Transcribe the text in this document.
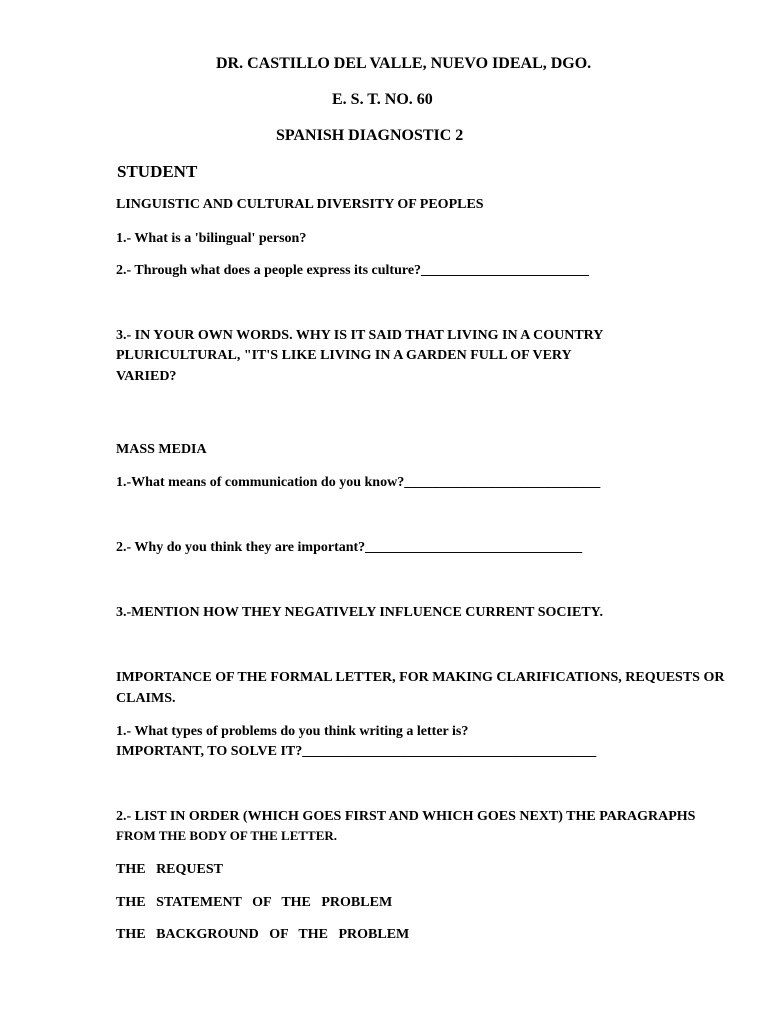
DR. CASTILLO DEL VALLE, NUEVO IDEAL, DGO.
E. S. T. NO. 60
SPANISH DIAGNOSTIC 2
STUDENT
LINGUISTIC AND CULTURAL DIVERSITY OF PEOPLES
1.- What is a 'bilingual' person?
2.- Through what does a people express its culture?________________________
3.- IN YOUR OWN WORDS. WHY IS IT SAID THAT LIVING IN A COUNTRY
PLURICULTURAL, "IT'S LIKE LIVING IN A GARDEN FULL OF VERY
VARIED?
MASS MEDIA
1.-What means of communication do you know?____________________________
2.- Why do you think they are important?_______________________________
3.-MENTION HOW THEY NEGATIVELY INFLUENCE CURRENT SOCIETY.
IMPORTANCE OF THE FORMAL LETTER, FOR MAKING CLARIFICATIONS, REQUESTS OR
CLAIMS.
1.- What types of problems do you think writing a letter is?
IMPORTANT, TO SOLVE IT?__________________________________________
2.- LIST IN ORDER (WHICH GOES FIRST AND WHICH GOES NEXT) THE PARAGRAPHS
FROM THE BODY OF THE LETTER.
THE   REQUEST
THE   STATEMENT   OF   THE   PROBLEM
THE   BACKGROUND   OF   THE   PROBLEM
